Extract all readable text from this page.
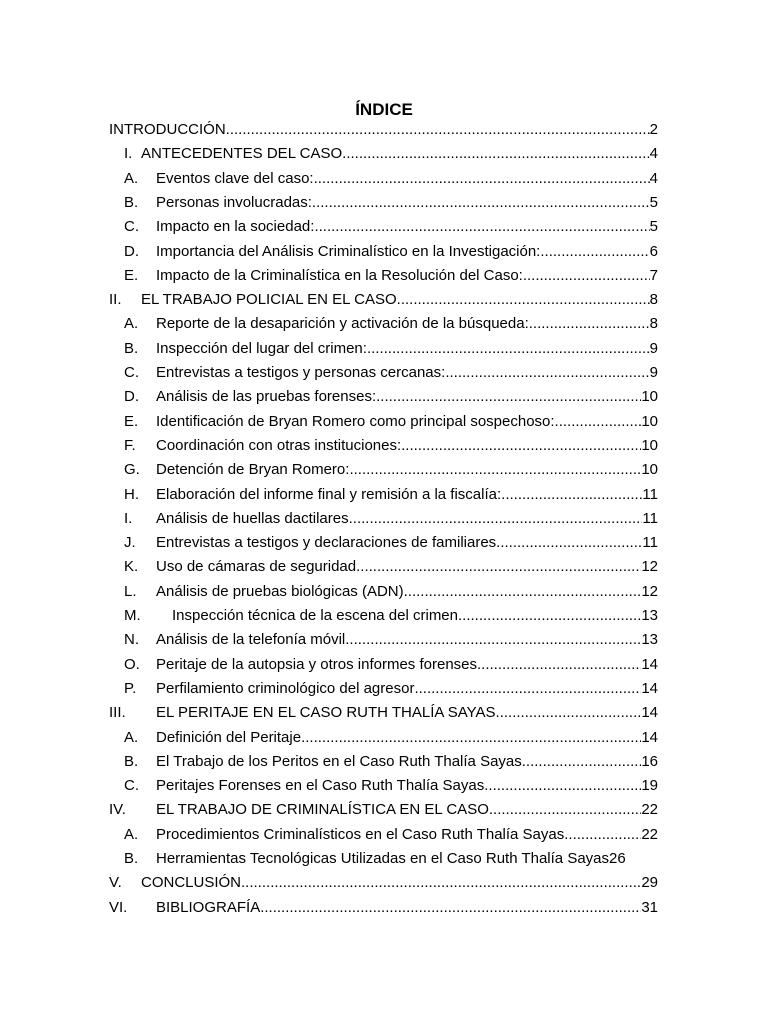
ÍNDICE
INTRODUCCIÓN .....	2
I. ANTECEDENTES DEL CASO .....	4
A. Eventos clave del caso: .....	4
B. Personas involucradas: .....	5
C. Impacto en la sociedad: .....	5
D. Importancia del Análisis Criminalístico en la Investigación: .....	6
E. Impacto de la Criminalística en la Resolución del Caso: .....	7
II. EL TRABAJO POLICIAL EN EL CASO .....	8
A. Reporte de la desaparición y activación de la búsqueda: .....	8
B. Inspección del lugar del crimen: .....	9
C. Entrevistas a testigos y personas cercanas: .....	9
D. Análisis de las pruebas forenses: .....	10
E. Identificación de Bryan Romero como principal sospechoso: .....	10
F. Coordinación con otras instituciones: .....	10
G. Detención de Bryan Romero: .....	10
H. Elaboración del informe final y remisión a la fiscalía: .....	11
I. Análisis de huellas dactilares .....	11
J. Entrevistas a testigos y declaraciones de familiares .....	11
K. Uso de cámaras de seguridad .....	12
L. Análisis de pruebas biológicas (ADN) .....	12
M. Inspección técnica de la escena del crimen .....	13
N. Análisis de la telefonía móvil .....	13
O. Peritaje de la autopsia y otros informes forenses .....	14
P. Perfilamiento criminológico del agresor .....	14
III. EL PERITAJE EN EL CASO RUTH THALÍA SAYAS .....	14
A. Definición del Peritaje .....	14
B. El Trabajo de los Peritos en el Caso Ruth Thalía Sayas .....	16
C. Peritajes Forenses en el Caso Ruth Thalía Sayas .....	19
IV. EL TRABAJO DE CRIMINALÍSTICA EN EL CASO .....	22
A. Procedimientos Criminalísticos en el Caso Ruth Thalía Sayas .....	22
B. Herramientas Tecnológicas Utilizadas en el Caso Ruth Thalía Sayas 26
V. CONCLUSIÓN .....	29
VI. BIBLIOGRAFÍA .....	31
